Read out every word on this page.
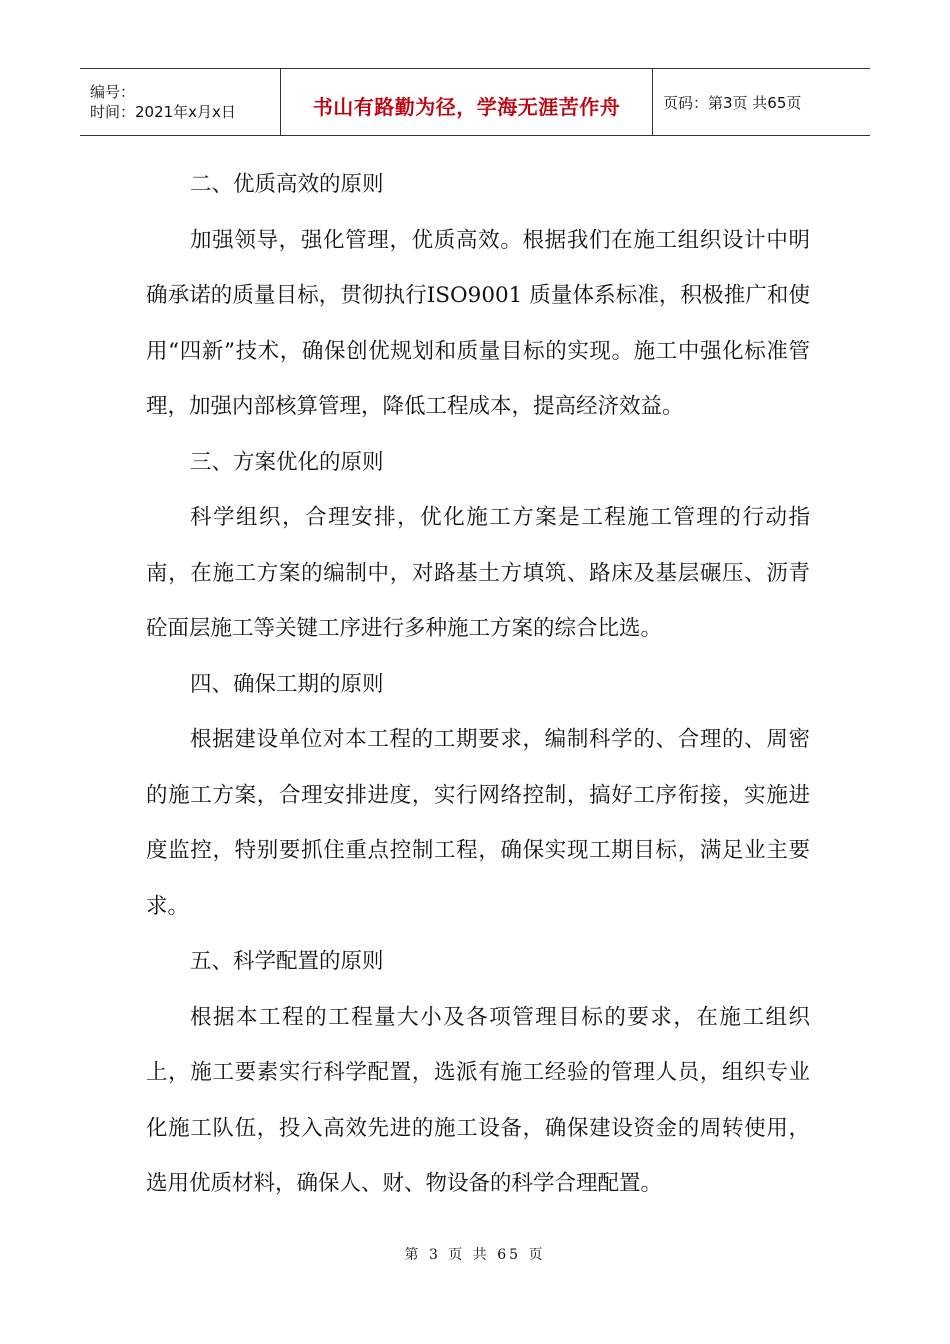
编号：
时间：2021年x月x日	书山有路勤为径，学海无涯苦作舟	页码：第3页 共65页

二、优质高效的原则

加强领导，强化管理，优质高效。根据我们在施工组织设计中明确承诺的质量目标，贯彻执行ISO9001 质量体系标准，积极推广和使用“四新”技术，确保创优规划和质量目标的实现。施工中强化标准管理，加强内部核算管理，降低工程成本，提高经济效益。

三、方案优化的原则

科学组织，合理安排，优化施工方案是工程施工管理的行动指南，在施工方案的编制中，对路基土方填筑、路床及基层碾压、沥青砼面层施工等关键工序进行多种施工方案的综合比选。

四、确保工期的原则

根据建设单位对本工程的工期要求，编制科学的、合理的、周密的施工方案，合理安排进度，实行网络控制，搞好工序衔接，实施进度监控，特别要抓住重点控制工程，确保实现工期目标，满足业主要求。

五、科学配置的原则

根据本工程的工程量大小及各项管理目标的要求，在施工组织上，施工要素实行科学配置，选派有施工经验的管理人员，组织专业化施工队伍，投入高效先进的施工设备，确保建设资金的周转使用，选用优质材料，确保人、财、物设备的科学合理配置。

第 3 页 共 65 页
